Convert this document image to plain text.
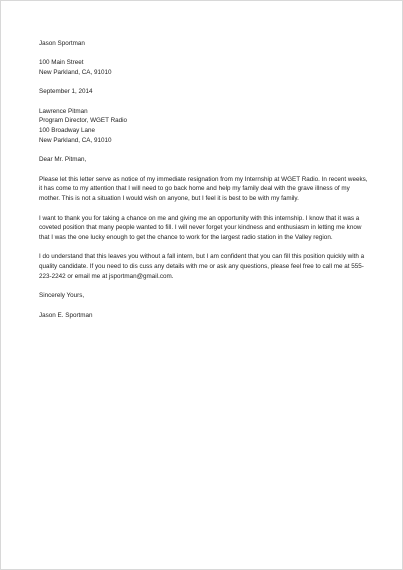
Jason Sportman
100 Main Street
New Parkland, CA, 91010
September 1, 2014
Lawrence Pitman
Program Director, WGET Radio
100 Broadway Lane
New Parkland, CA, 91010
Dear Mr. Pitman,
Please let this letter serve as notice of my immediate resignation from my Internship at WGET Radio. In recent weeks, it has come to my attention that I will need to go back home and help my family deal with the grave illness of my mother. This is not a situation I would wish on anyone, but I feel it is best to be with my family.
I want to thank you for taking a chance on me and giving me an opportunity with this internship. I know that it was a coveted position that many people wanted to fill. I will never forget your kindness and enthusiasm in letting me know that I was the one lucky enough to get the chance to work for the largest radio station in the Valley region.
I do understand that this leaves you without a fall intern, but I am confident that you can fill this position quickly with a quality candidate. If you need to dis cuss any details with me or ask any questions, please feel free to call me at 555-223-2242 or email me at jsportman@gmail.com.
Sincerely Yours,
Jason E. Sportman
